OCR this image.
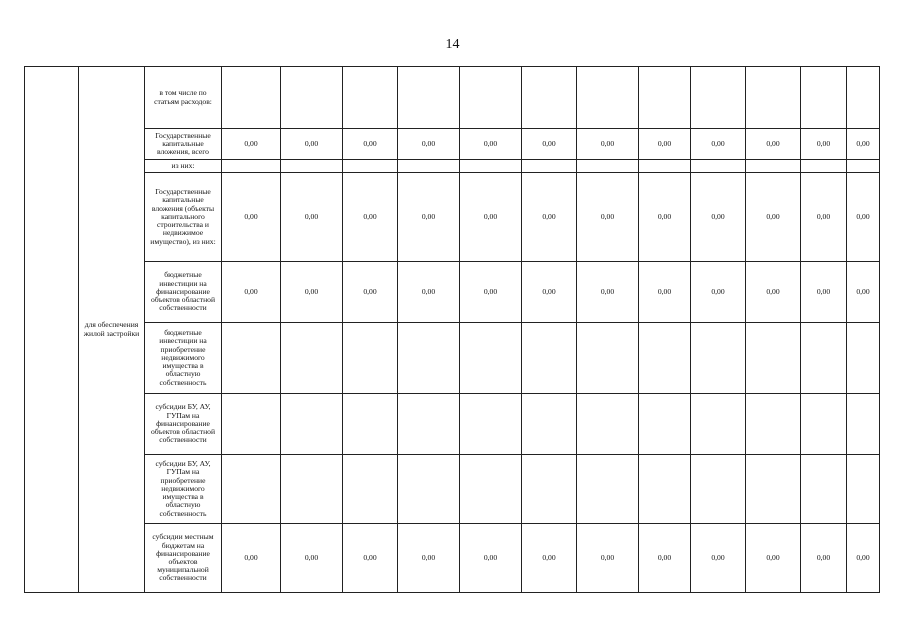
14
	для обеспечения жилой застройки	в том числе по статьям расходов:												
		Государственные капитальные вложения, всего	0,00	0,00	0,00	0,00	0,00	0,00	0,00	0,00	0,00	0,00	0,00	0,00
		из них:												
		Государственные капитальные вложения (объекты капитального строительства и недвижимое имущество), из них:	0,00	0,00	0,00	0,00	0,00	0,00	0,00	0,00	0,00	0,00	0,00	0,00
		бюджетные инвестиции на финансирование объектов областной собственности	0,00	0,00	0,00	0,00	0,00	0,00	0,00	0,00	0,00	0,00	0,00	0,00
		бюджетные инвестиции на приобретение недвижимого имущества в областную собственность												
		субсидии БУ, АУ, ГУПам на финансирование объектов областной собственности												
		субсидии БУ, АУ, ГУПам на приобретение недвижимого имущества в областную собственность												
		субсидии местным бюджетам на финансирование объектов муниципальной собственности	0,00	0,00	0,00	0,00	0,00	0,00	0,00	0,00	0,00	0,00	0,00	0,00
